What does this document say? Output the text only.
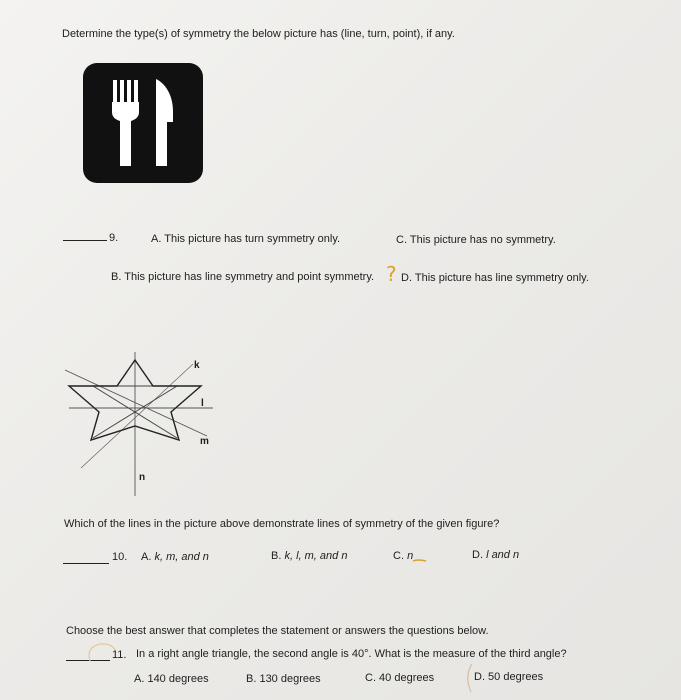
Determine the type(s) of symmetry the below picture has (line, turn, point), if any.
9.	A. This picture has turn symmetry only.	C. This picture has no symmetry.
B. This picture has line symmetry and point symmetry. ? D. This picture has line symmetry only.
k
l
m
n
Which of the lines in the picture above demonstrate lines of symmetry of the given figure?
10. A. k, m, and n	B. k, l, m, and n	C. n	D. l and n
Choose the best answer that completes the statement or answers the questions below.
11. In a right angle triangle, the second angle is 40°. What is the measure of the third angle?
A. 140 degrees	B. 130 degrees	C. 40 degrees	D. 50 degrees
